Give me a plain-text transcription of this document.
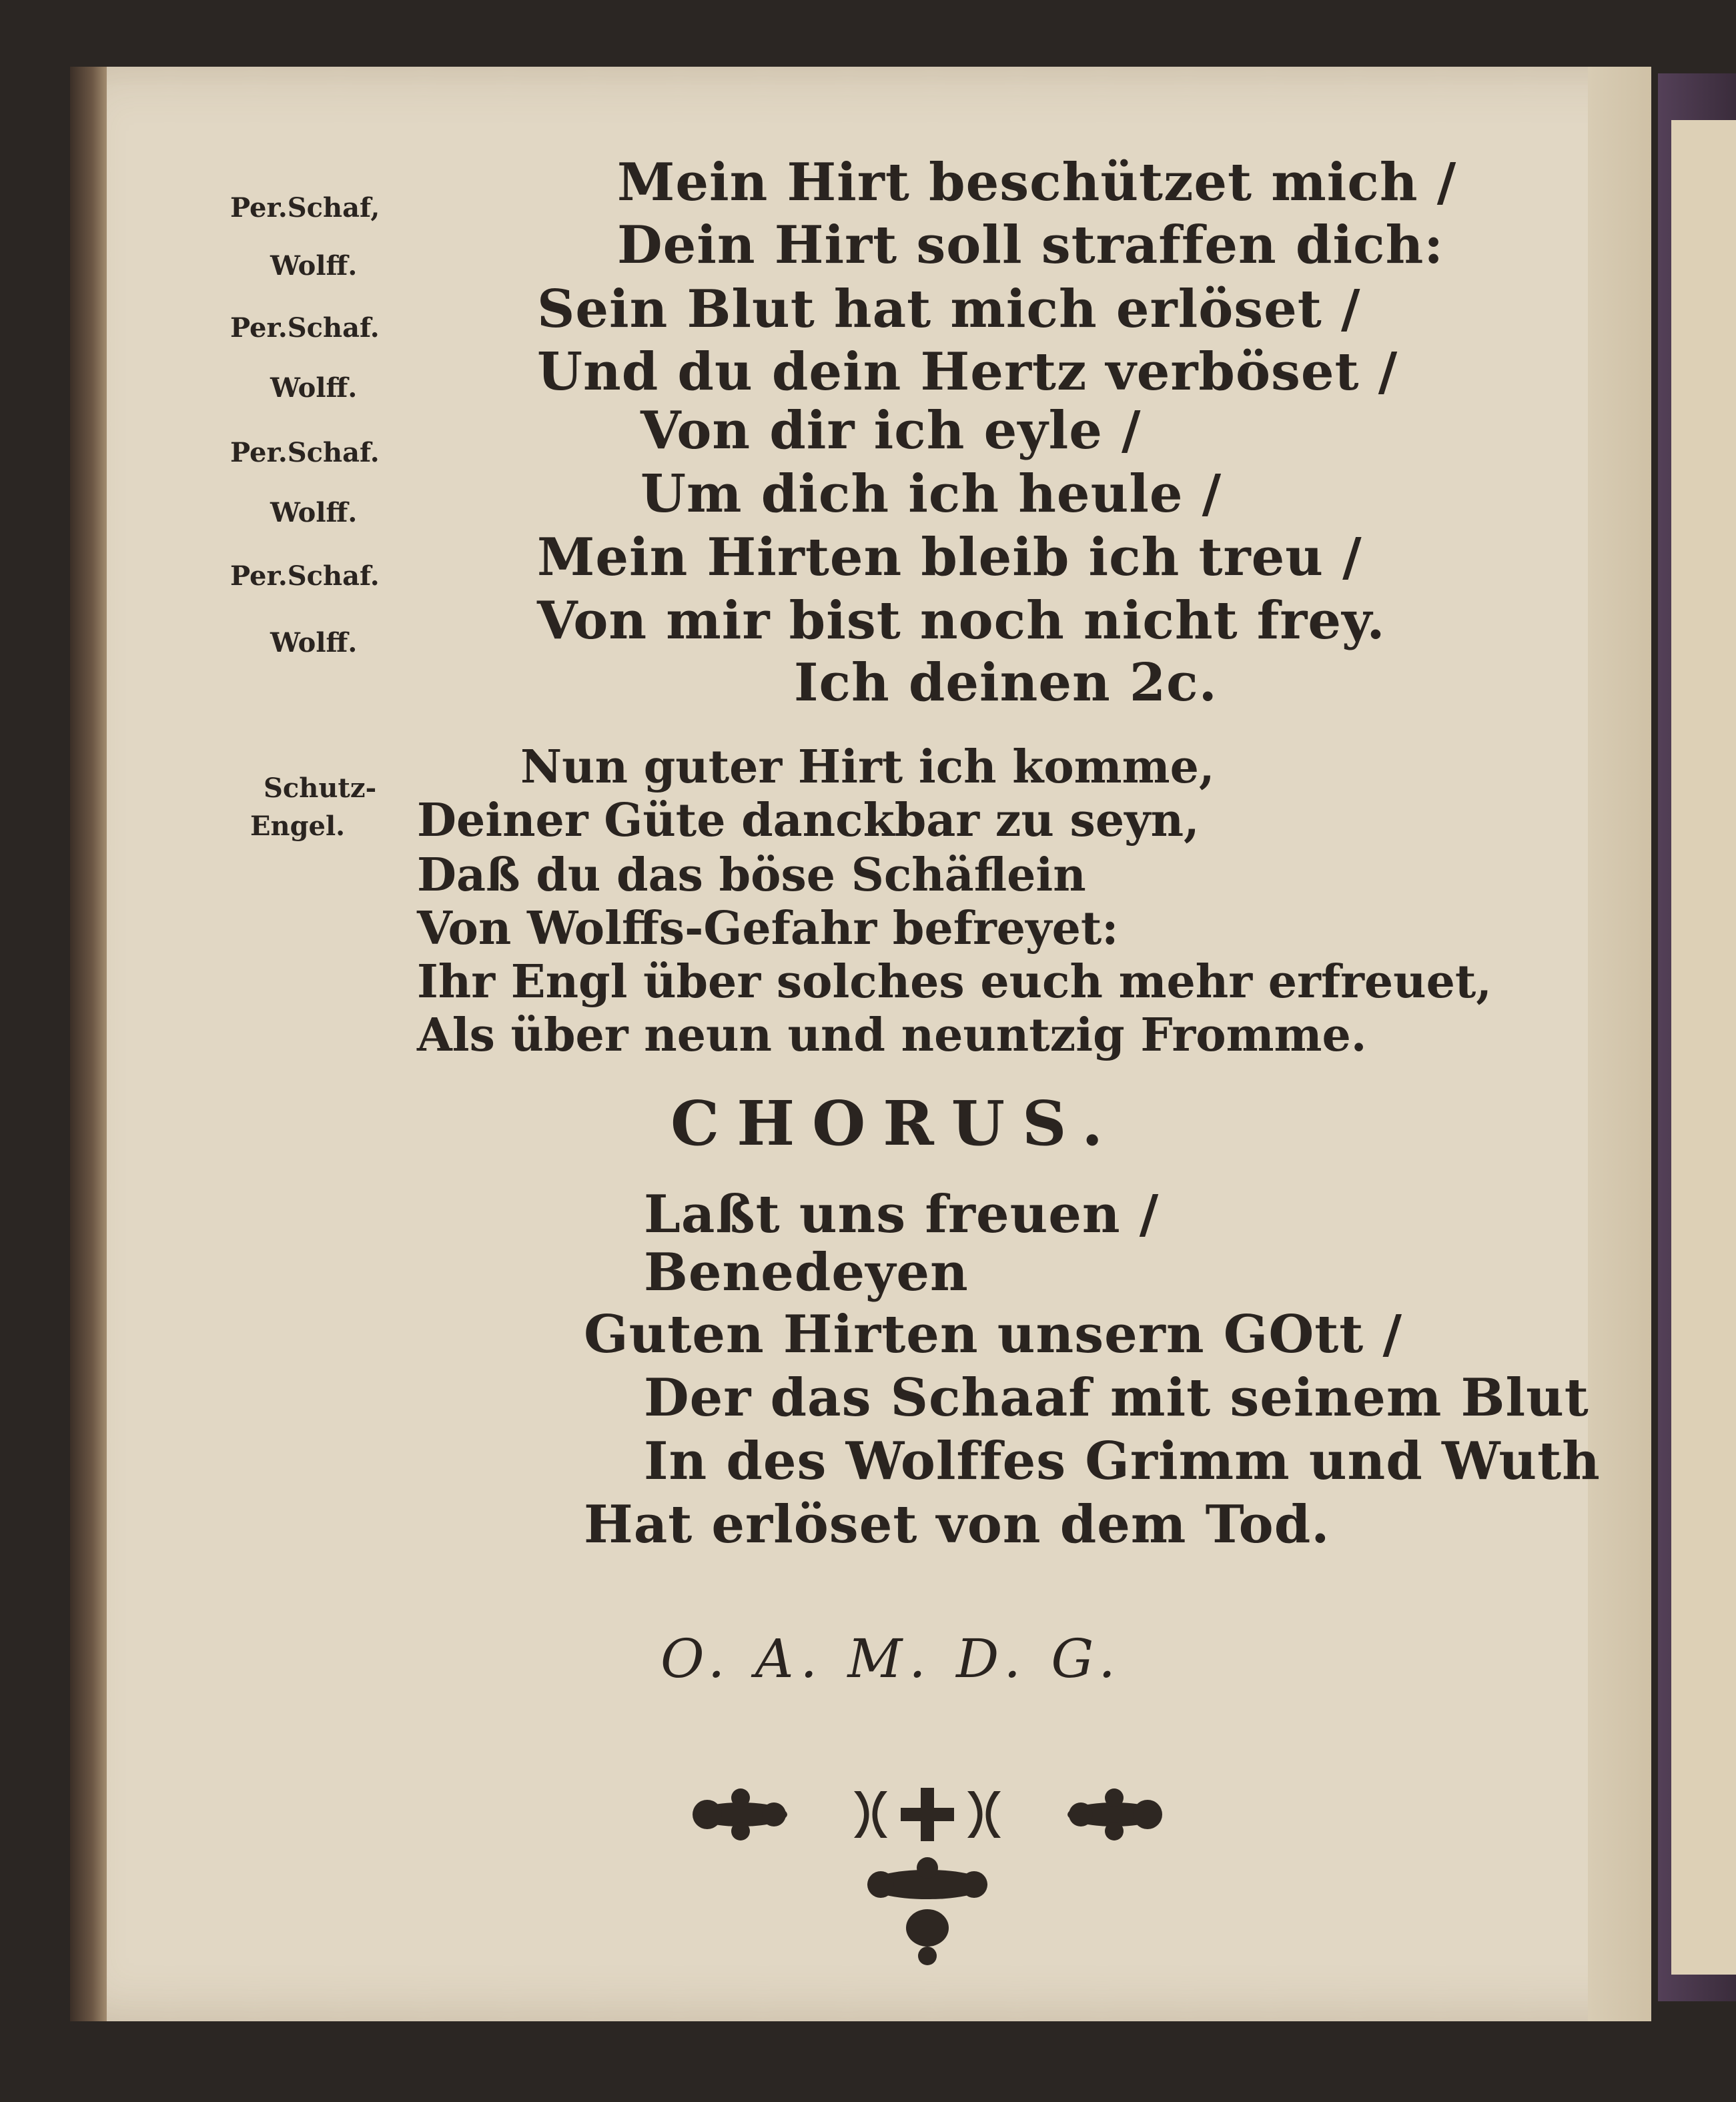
Per.Schaf,
Wolff.
Per.Schaf.
Wolff.
Per.Schaf.
Wolff.
Per.Schaf.
Wolff.
Mein Hirt beschützet mich /
Dein Hirt soll straffen dich:
Sein Blut hat mich erlöset /
Und du dein Hertz verböset /
Von dir ich eyle /
Um dich ich heule /
Mein Hirten bleib ich treu /
Von mir bist noch nicht frey.
Ich deinen 2c.
Schutz-
Engel.
Nun guter Hirt ich komme,
Deiner Güte danckbar zu seyn,
Daß du das böse Schäflein
Von Wolffs-Gefahr befreyet:
Ihr Engl über solches euch mehr erfreuet,
Als über neun und neuntzig Fromme.
CHORUS.
Laßt uns freuen /
Benedeyen
Guten Hirten unsern GOtt /
Der das Schaaf mit seinem Blut
In des Wolffes Grimm und Wuth
Hat erlöset von dem Tod.
O. A. M. D. G.
